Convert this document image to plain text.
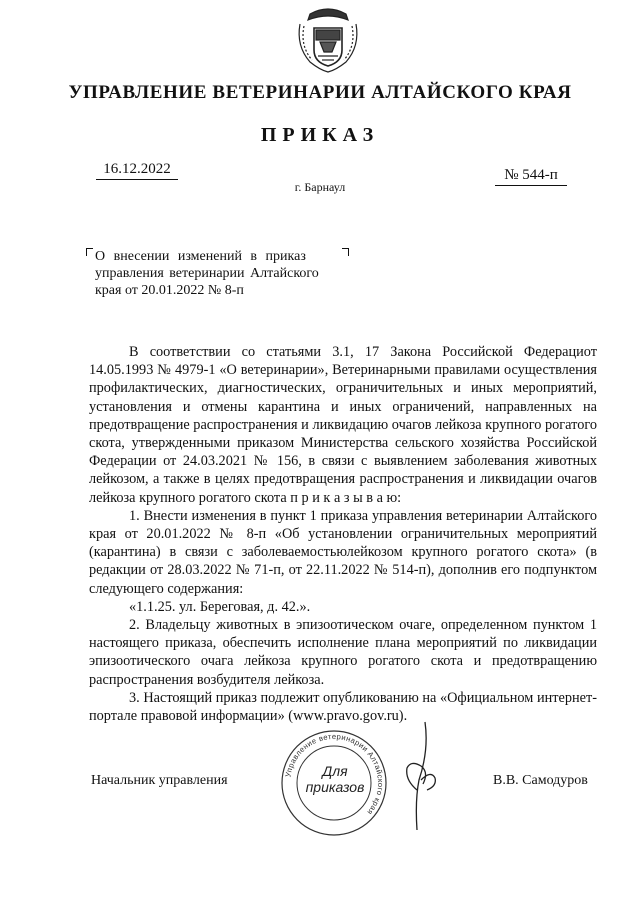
УПРАВЛЕНИЕ ВЕТЕРИНАРИИ АЛТАЙСКОГО КРАЯ
ПРИКАЗ
16.12.2022
г. Барнаул
№ 544-п
О внесении изменений в приказ
управления ветеринарии Алтайского
края от 20.01.2022 № 8-п

В соответствии со статьями 3.1, 17 Закона Российской Федерациот 14.05.1993 № 4979-1 «О ветеринарии», Ветеринарными правилами осуществления профилактических, диагностических, ограничительных и иных мероприятий, установления и отмены карантина и иных ограничений, направленных на предотвращение распространения и ликвидацию очагов лейкоза крупного рогатого скота, утвержденными приказом Министерства сельского хозяйства Российской Федерации от 24.03.2021 № 156, в связи с выявлением заболевания животных лейкозом, а также в целях предотвращения распространения и ликвидации очагов лейкоза крупного рогатого скота п р и к а з ы в а ю:

1. Внести изменения в пункт 1 приказа управления ветеринарии Алтайского края от 20.01.2022 № 8-п «Об установлении ограничительных мероприятий (карантина) в связи с заболеваемостьюлейкозом крупного рогатого скота» (в редакции от 28.03.2022 № 71-п, от 22.11.2022 № 514-п), дополнив его подпунктом следующего содержания:

«1.1.25. ул. Береговая, д. 42.».

2. Владельцу животных в эпизоотическом очаге, определенном пунктом 1 настоящего приказа, обеспечить исполнение плана мероприятий по ликвидации эпизоотического очага лейкоза крупного рогатого скота и предотвращению распространения возбудителя лейкоза.

3. Настоящий приказ подлежит опубликованию на «Официальном интернет-портале правовой информации» (www.pravo.gov.ru).

Начальник управления	В.В. Самодуров
Управление ветеринарии Алтайского края
Для
приказов
